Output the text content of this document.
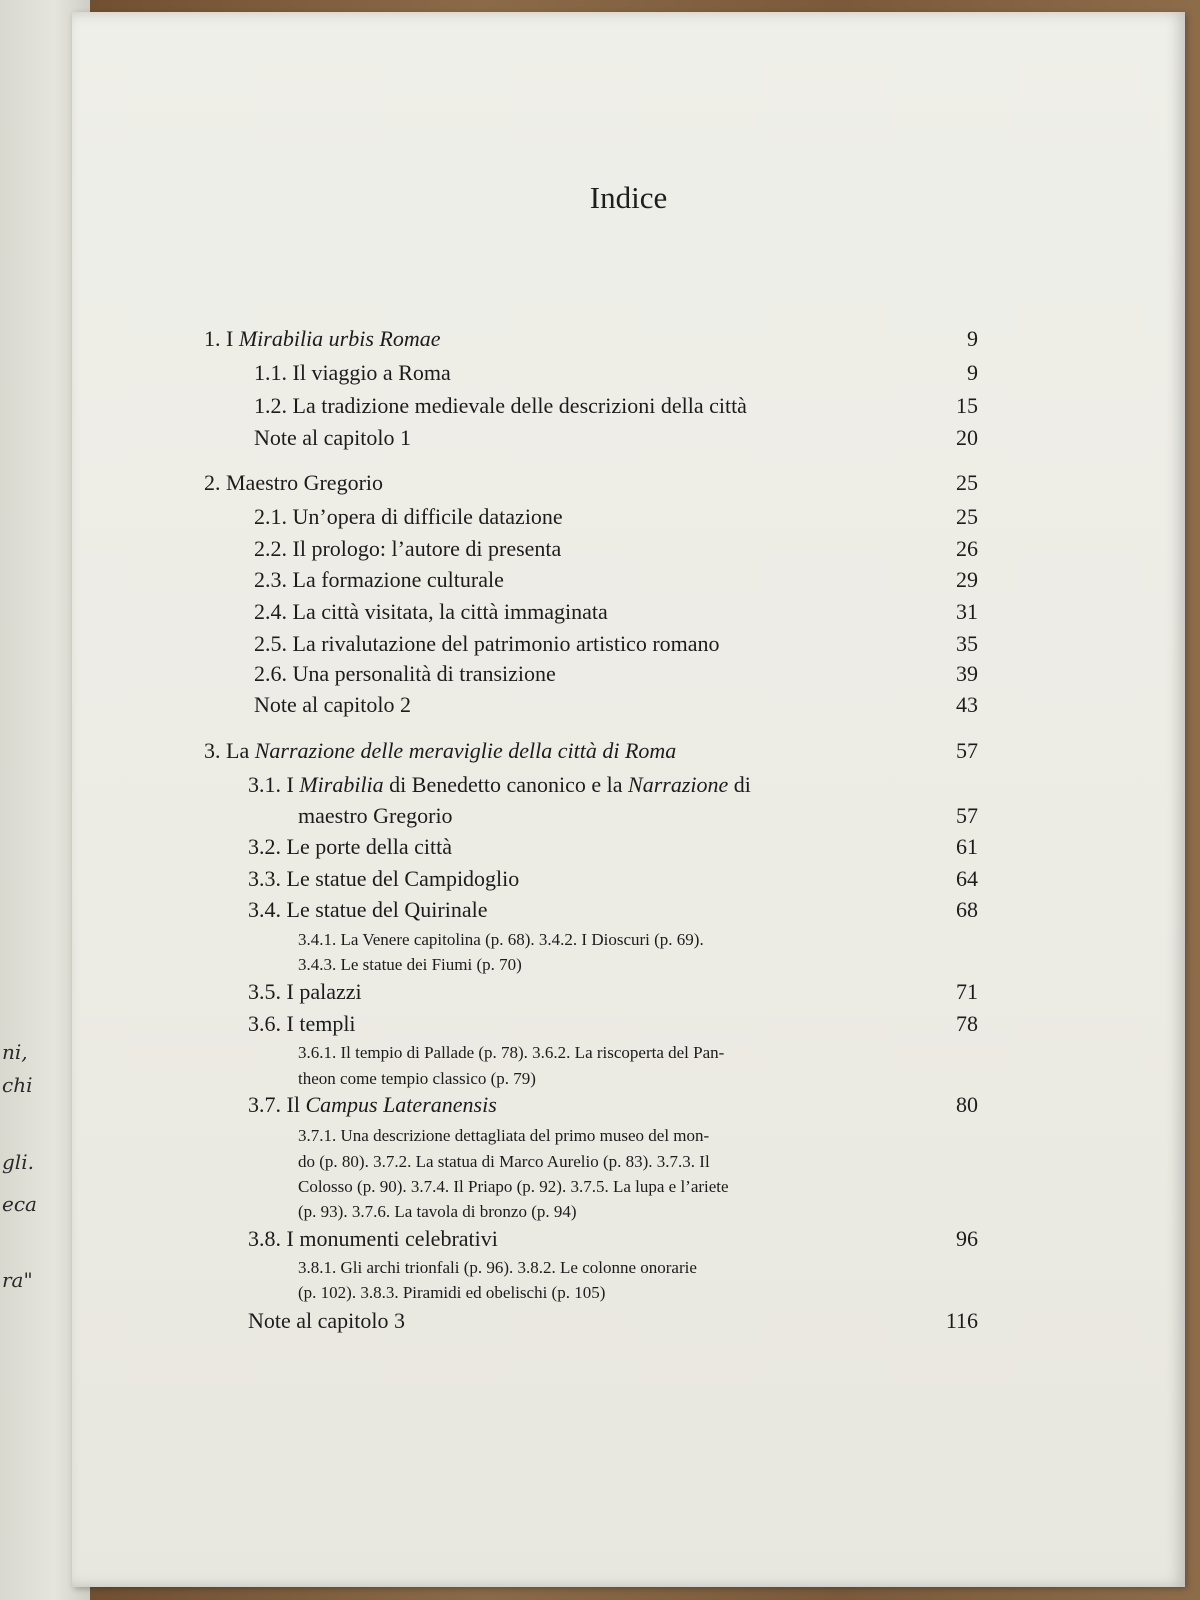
ni,
chi
gli.
eca
ra"
Indice
1. I Mirabilia urbis Romae	9
1.1. Il viaggio a Roma	9
1.2. La tradizione medievale delle descrizioni della città	15
Note al capitolo 1	20
2. Maestro Gregorio	25
2.1. Un’opera di difficile datazione	25
2.2. Il prologo: l’autore di presenta	26
2.3. La formazione culturale	29
2.4. La città visitata, la città immaginata	31
2.5. La rivalutazione del patrimonio artistico romano	35
2.6. Una personalità di transizione	39
Note al capitolo 2	43
3. La Narrazione delle meraviglie della città di Roma	57
3.1. I Mirabilia di Benedetto canonico e la Narrazione di
maestro Gregorio	57
3.2. Le porte della città	61
3.3. Le statue del Campidoglio	64
3.4. Le statue del Quirinale	68
3.4.1. La Venere capitolina (p. 68). 3.4.2. I Dioscuri (p. 69).
3.4.3. Le statue dei Fiumi (p. 70)
3.5. I palazzi	71
3.6. I templi	78
3.6.1. Il tempio di Pallade (p. 78). 3.6.2. La riscoperta del Pan-
theon come tempio classico (p. 79)
3.7. Il Campus Lateranensis	80
3.7.1. Una descrizione dettagliata del primo museo del mon-
do (p. 80). 3.7.2. La statua di Marco Aurelio (p. 83). 3.7.3. Il
Colosso (p. 90). 3.7.4. Il Priapo (p. 92). 3.7.5. La lupa e l’ariete
(p. 93). 3.7.6. La tavola di bronzo (p. 94)
3.8. I monumenti celebrativi	96
3.8.1. Gli archi trionfali (p. 96). 3.8.2. Le colonne onorarie
(p. 102). 3.8.3. Piramidi ed obelischi (p. 105)
Note al capitolo 3	116
